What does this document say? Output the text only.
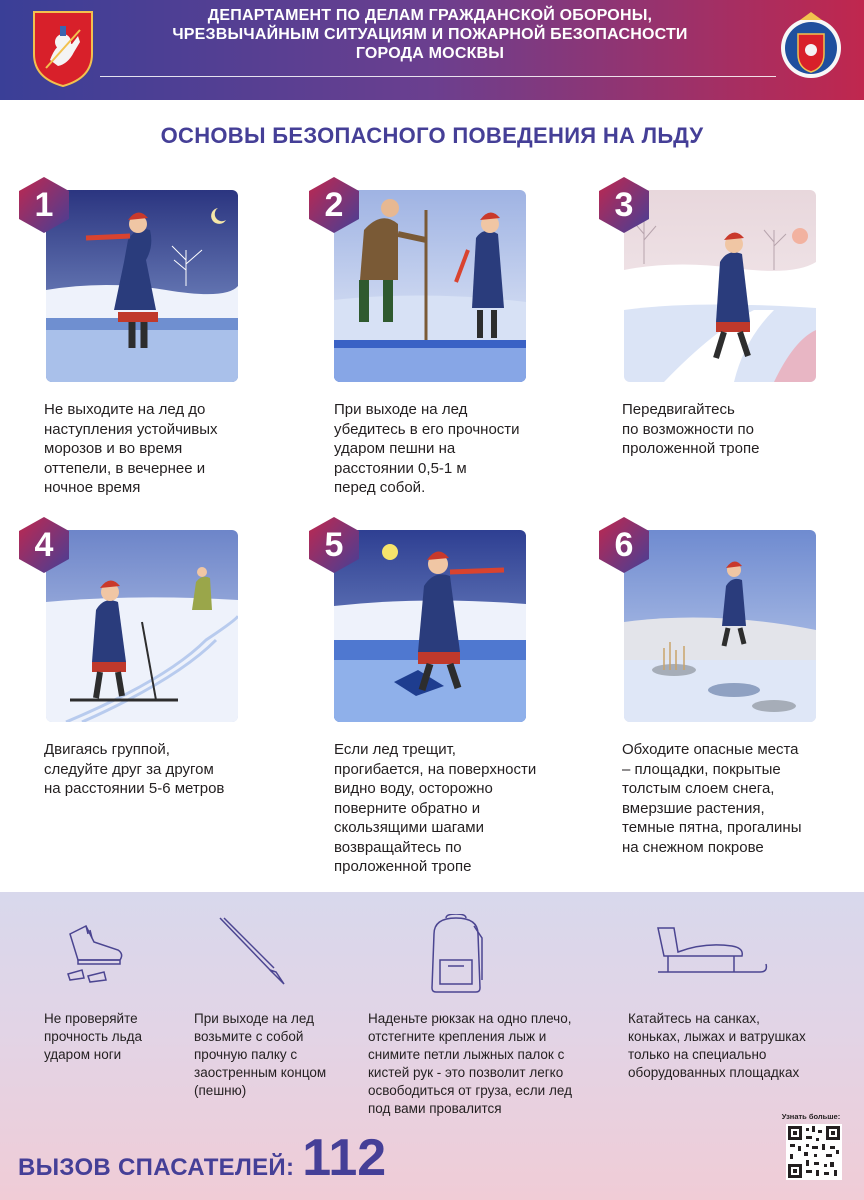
ДЕПАРТАМЕНТ ПО ДЕЛАМ ГРАЖДАНСКОЙ ОБОРОНЫ,
ЧРЕЗВЫЧАЙНЫМ СИТУАЦИЯМ И ПОЖАРНОЙ БЕЗОПАСНОСТИ
ГОРОДА МОСКВЫ
ОСНОВЫ БЕЗОПАСНОГО ПОВЕДЕНИЯ НА ЛЬДУ
1
Не выходите на лед до
наступления устойчивых
морозов и во время
оттепели, в вечернее и
ночное время
2
При выходе на лед
убедитесь в его прочности
ударом пешни на
расстоянии 0,5-1 м
перед собой.
3
Передвигайтесь
по возможности по
проложенной тропе
4
Двигаясь группой,
следуйте друг за другом
на расстоянии 5-6 метров
5
Если лед трещит,
прогибается, на поверхности
видно воду, осторожно
поверните обратно и
скользящими шагами
возвращайтесь по
проложенной тропе
6
Обходите опасные места
– площадки, покрытые
толстым слоем снега,
вмерзшие растения,
темные пятна, прогалины
на снежном покрове
Не проверяйте
прочность льда
ударом ноги
При выходе на лед
возьмите с собой
прочную палку с
заостренным концом
(пешню)
Наденьте рюкзак на одно плечо,
отстегните крепления лыж и
снимите петли лыжных палок с
кистей рук - это позволит легко
освободиться от груза, если лед
под вами провалится
Катайтесь на санках,
коньках, лыжах и ватрушках
только на специально
оборудованных площадках
ВЫЗОВ СПАСАТЕЛЕЙ: 112
Узнать больше:
